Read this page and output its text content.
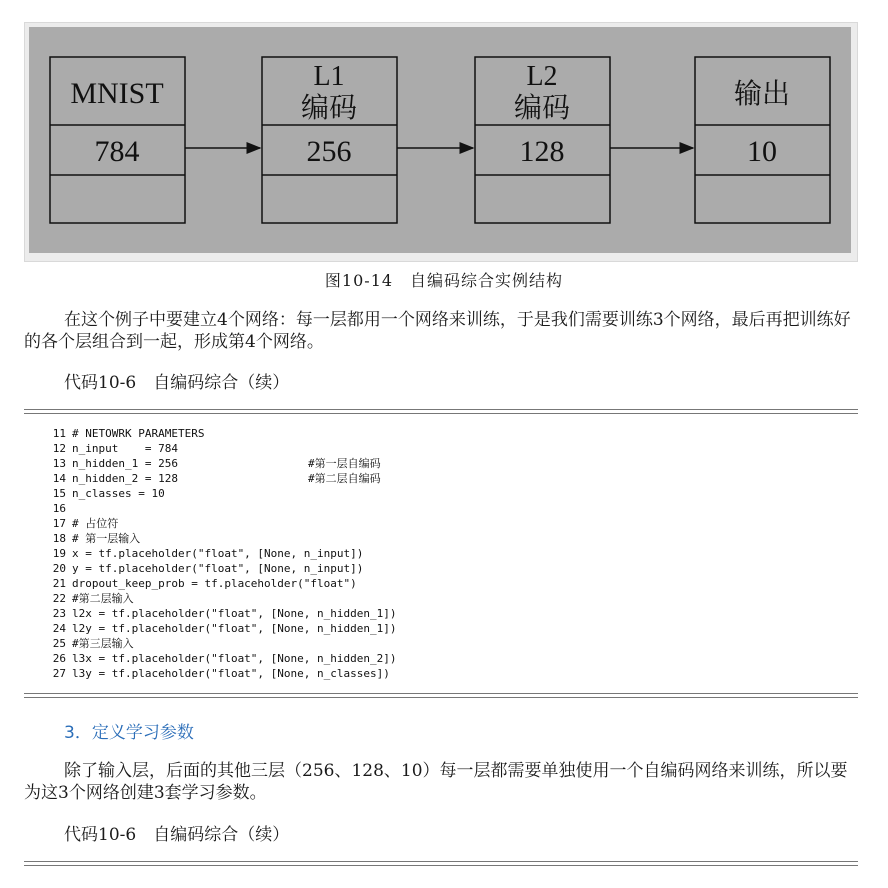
MNIST
784
L1
编码
256
L2
编码
128
输出
10
图10-14　自编码综合实例结构

在这个例子中要建立4个网络：每一层都用一个网络来训练，于是我们需要训练3个网络，最后再把训练好的各个层组合到一起，形成第4个网络。

代码10-6　自编码综合（续）
11 # NETOWRK PARAMETERS
12 n_input    = 784
13 n_hidden_1 = 256	#第一层自编码
14 n_hidden_2 = 128	#第二层自编码
15 n_classes = 10
16
17 # 占位符
18 # 第一层输入
19 x = tf.placeholder("float", [None, n_input])
20 y = tf.placeholder("float", [None, n_input])
21 dropout_keep_prob = tf.placeholder("float")
22 #第二层输入
23 l2x = tf.placeholder("float", [None, n_hidden_1])
24 l2y = tf.placeholder("float", [None, n_hidden_1])
25 #第三层输入
26 l3x = tf.placeholder("float", [None, n_hidden_2])
27 l3y = tf.placeholder("float", [None, n_classes])
3．定义学习参数

除了输入层，后面的其他三层（256、128、10）每一层都需要单独使用一个自编码网络来训练，所以要为这3个网络创建3套学习参数。

代码10-6　自编码综合（续）
